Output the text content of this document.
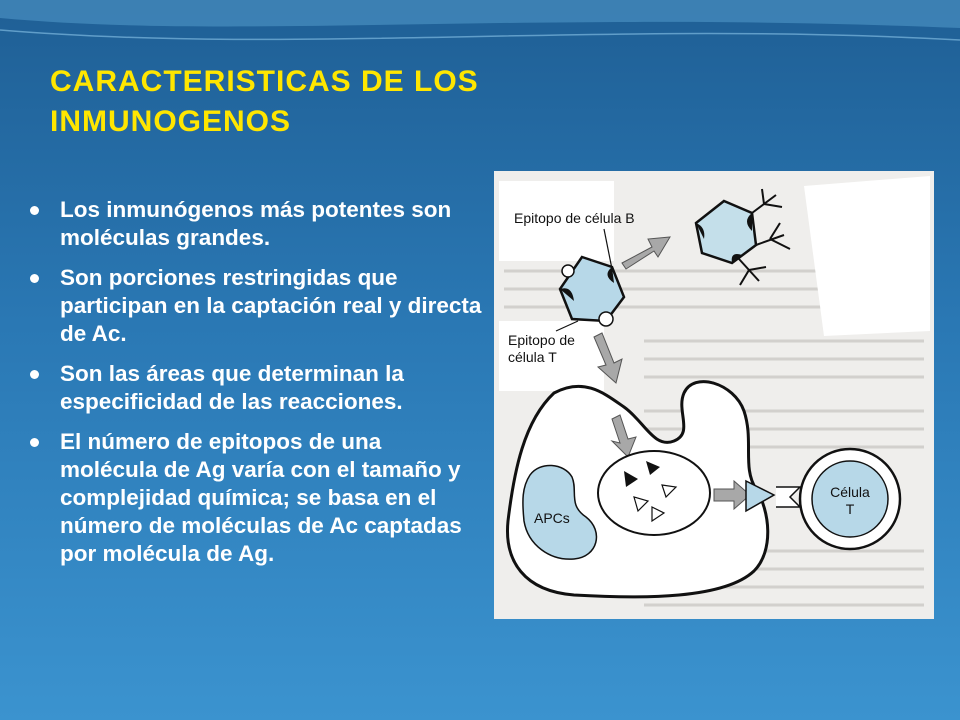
CARACTERISTICAS DE LOS INMUNOGENOS
Los inmunógenos más potentes son moléculas grandes.
Son porciones restringidas que participan en la captación real y directa de Ac.
Son las áreas que determinan la especificidad de las reacciones.
El número de epitopos de una molécula de Ag varía con el tamaño y complejidad química; se basa en el número de moléculas de Ac captadas por molécula de Ag.
Epitopo de célula B
Epitopo de
célula T
APCs
Célula
T
